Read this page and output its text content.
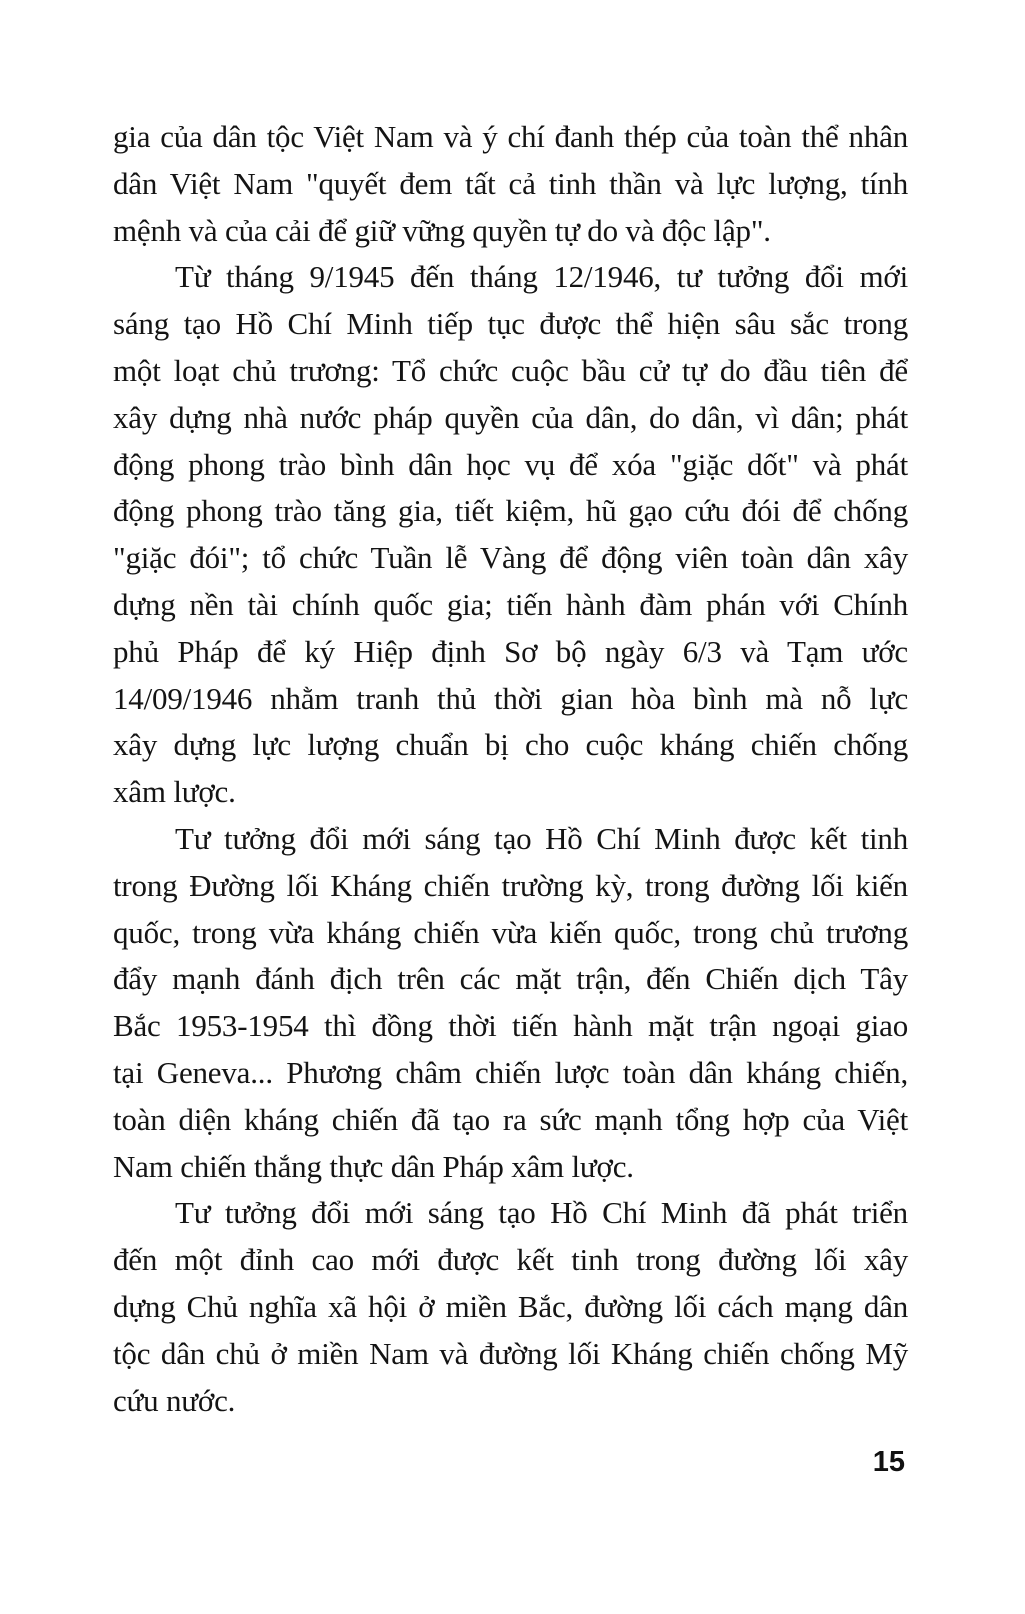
gia của dân tộc Việt Nam và ý chí đanh thép của toàn thể nhân
dân Việt Nam "quyết đem tất cả tinh thần và lực lượng, tính
mệnh và của cải để giữ vững quyền tự do và độc lập".
Từ tháng 9/1945 đến tháng 12/1946, tư tưởng đổi mới
sáng tạo Hồ Chí Minh tiếp tục được thể hiện sâu sắc trong
một loạt chủ trương: Tổ chức cuộc bầu cử tự do đầu tiên để
xây dựng nhà nước pháp quyền của dân, do dân, vì dân; phát
động phong trào bình dân học vụ để xóa "giặc dốt" và phát
động phong trào tăng gia, tiết kiệm, hũ gạo cứu đói để chống
"giặc đói"; tổ chức Tuần lễ Vàng để động viên toàn dân xây
dựng nền tài chính quốc gia; tiến hành đàm phán với Chính
phủ Pháp để ký Hiệp định Sơ bộ ngày 6/3 và Tạm ước
14/09/1946 nhằm tranh thủ thời gian hòa bình mà nỗ lực
xây dựng lực lượng chuẩn bị cho cuộc kháng chiến chống
xâm lược.
Tư tưởng đổi mới sáng tạo Hồ Chí Minh được kết tinh
trong Đường lối Kháng chiến trường kỳ, trong đường lối kiến
quốc, trong vừa kháng chiến vừa kiến quốc, trong chủ trương
đẩy mạnh đánh địch trên các mặt trận, đến Chiến dịch Tây
Bắc 1953-1954 thì đồng thời tiến hành mặt trận ngoại giao
tại Geneva... Phương châm chiến lược toàn dân kháng chiến,
toàn diện kháng chiến đã tạo ra sức mạnh tổng hợp của Việt
Nam chiến thắng thực dân Pháp xâm lược.
Tư tưởng đổi mới sáng tạo Hồ Chí Minh đã phát triển
đến một đỉnh cao mới được kết tinh trong đường lối xây
dựng Chủ nghĩa xã hội ở miền Bắc, đường lối cách mạng dân
tộc dân chủ ở miền Nam và đường lối Kháng chiến chống Mỹ
cứu nước.
15
